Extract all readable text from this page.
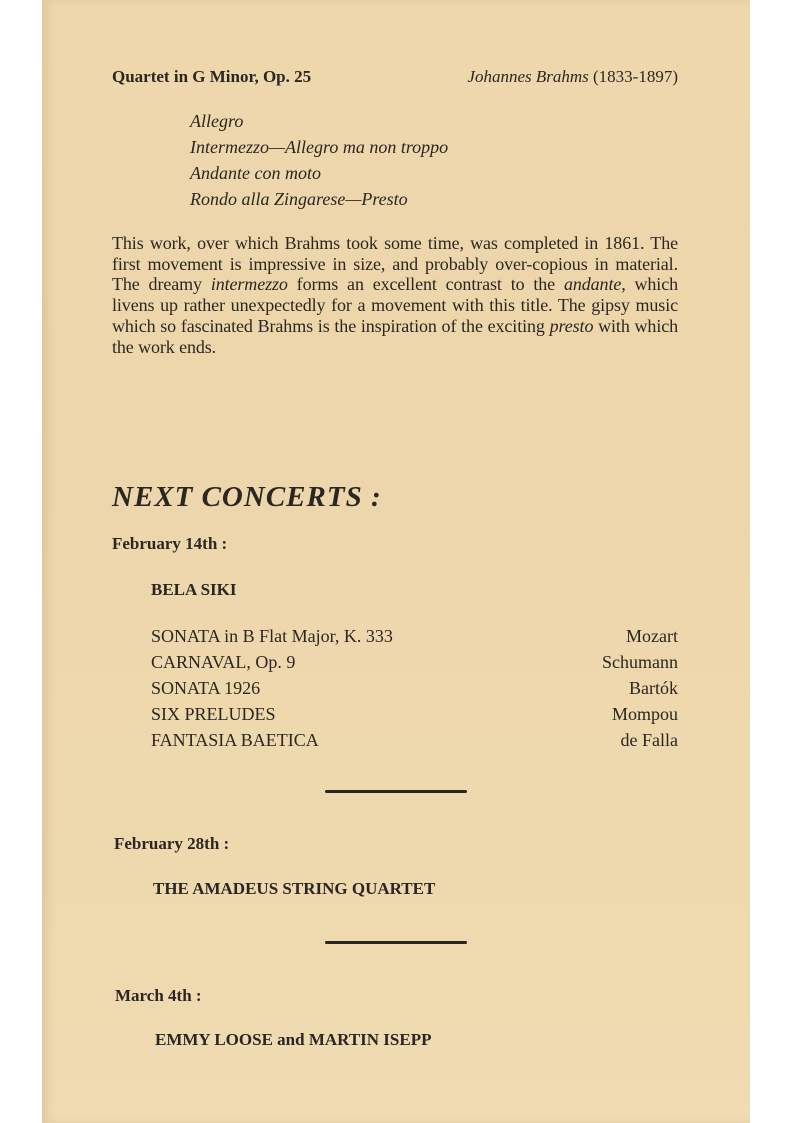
Quartet in G Minor, Op. 25	Johannes Brahms (1833-1897)
Allegro
Intermezzo—Allegro ma non troppo
Andante con moto
Rondo alla Zingarese—Presto

This work, over which Brahms took some time, was completed in 1861. The first movement is impressive in size, and probably over-copious in material. The dreamy intermezzo forms an excellent contrast to the andante, which livens up rather unexpectedly for a movement with this title. The gipsy music which so fascinated Brahms is the inspiration of the exciting presto with which the work ends.

NEXT CONCERTS :
February 14th :
BELA SIKI
SONATA in B Flat Major, K. 333	Mozart
CARNAVAL, Op. 9	Schumann
SONATA 1926	Bartók
SIX PRELUDES	Mompou
FANTASIA BAETICA	de Falla
February 28th :
THE AMADEUS STRING QUARTET
March 4th :
EMMY LOOSE and MARTIN ISEPP
